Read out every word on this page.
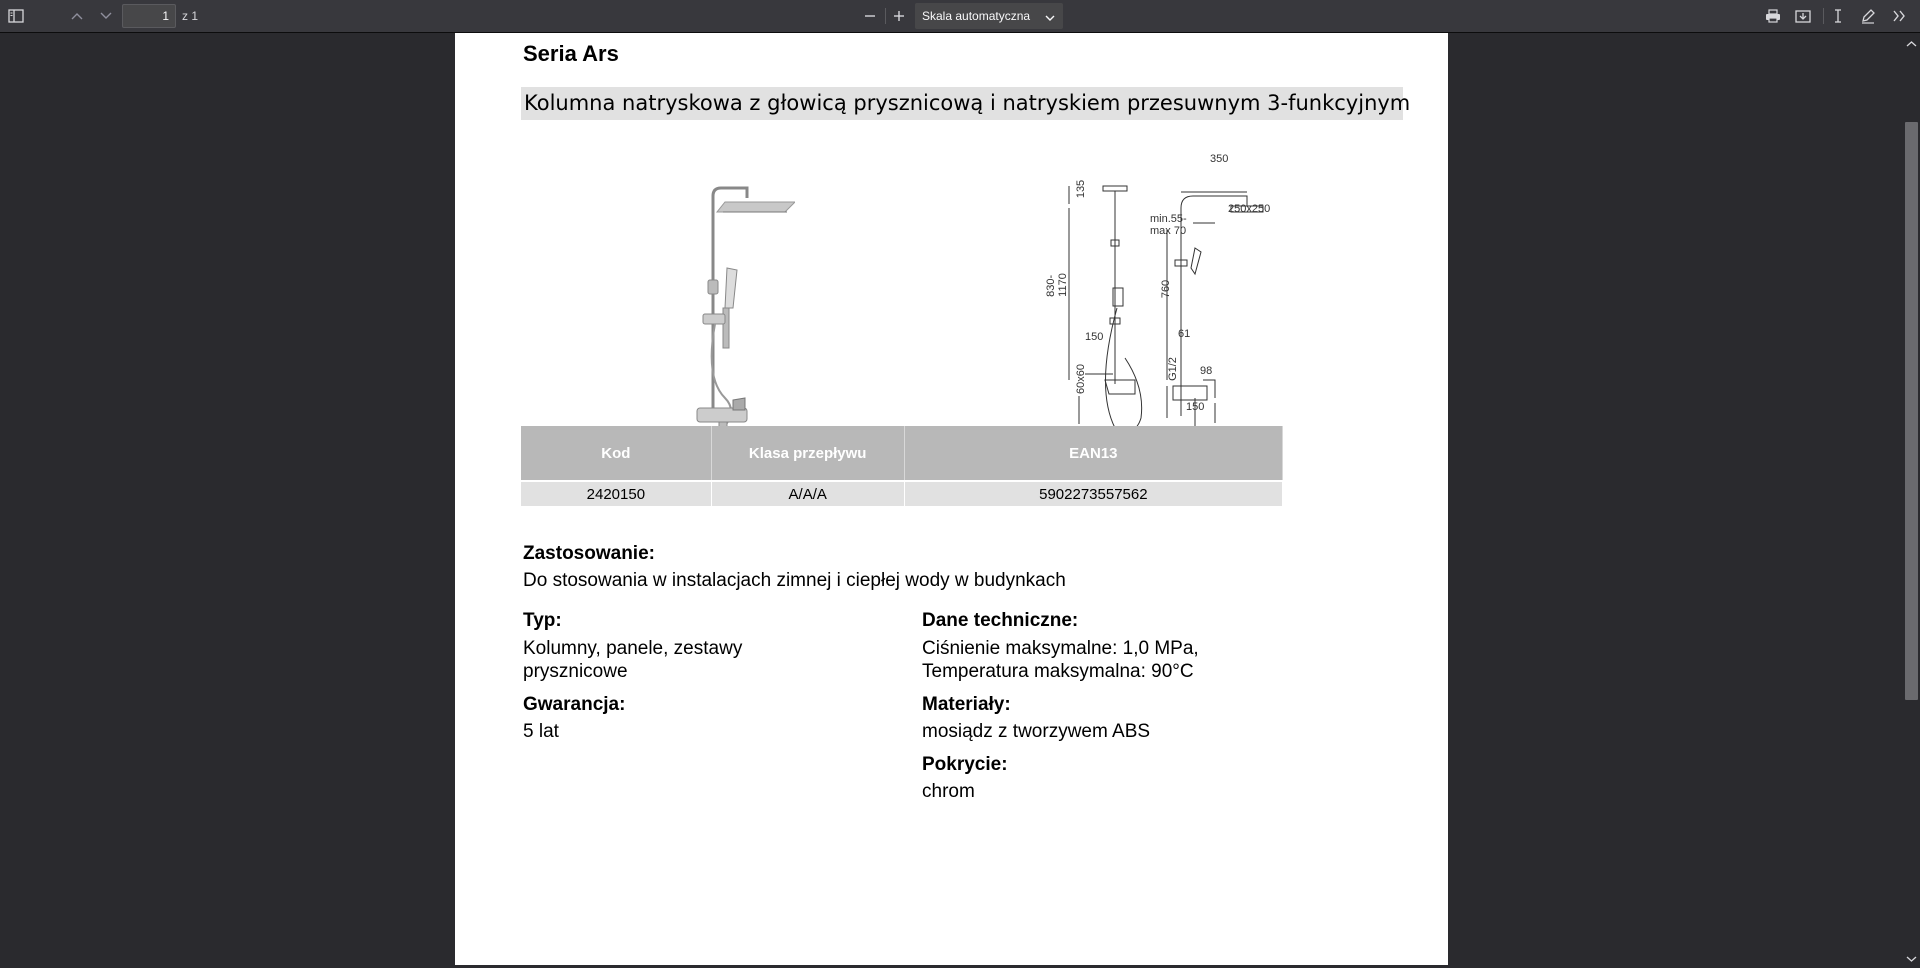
1
z 1	Skala automatyczna
Seria Ars
Kolumna natryskowa z głowicą prysznicową i natryskiem przesuwnym 3-funkcyjnym
350
135
250x250
min.55-max 70
830-1170	760
150	61
60x60	G1/2 98
150
Kod	Klasa przepływu	EAN13
2420150	A/A/A	5902273557562
Zastosowanie:
Do stosowania w instalacjach zimnej i ciepłej wody w budynkach
Typ:
Kolumny, panele, zestawy
prysznicowe
Gwarancja:
5 lat
Dane techniczne:
Ciśnienie maksymalne: 1,0 MPa,
Temperatura maksymalna: 90°C
Materiały:
mosiądz z tworzywem ABS
Pokrycie:
chrom
